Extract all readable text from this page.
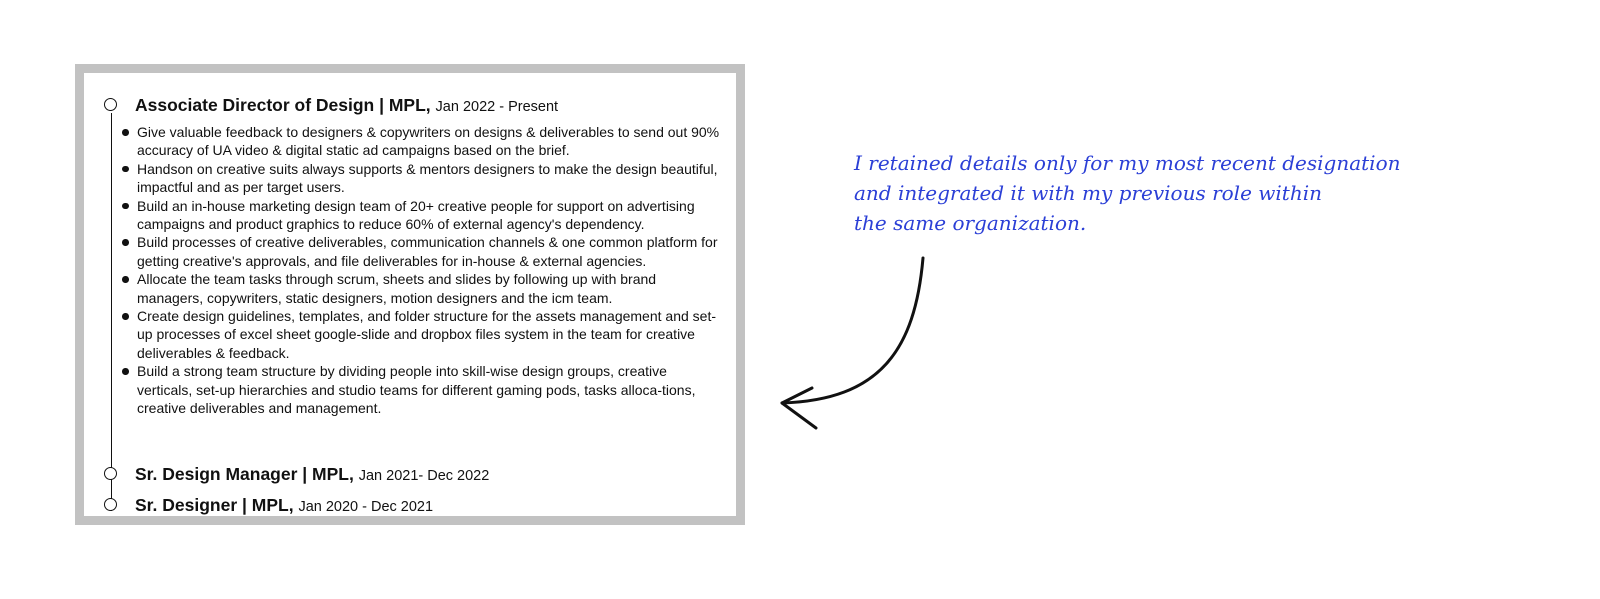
Associate Director of Design | MPL, Jan 2022 - Present
Give valuable feedback to designers & copywriters on designs & deliverables to send out 90% accuracy of UA video & digital static ad campaigns based on the brief.
Handson on creative suits always supports & mentors designers to make the design beautiful, impactful and as per target users.
Build an in-house marketing design team of 20+ creative people for support on advertising campaigns and product graphics to reduce 60% of external agency's dependency.
Build processes of creative deliverables, communication channels & one common platform for getting creative's approvals, and file deliverables for in-house & external agencies.
Allocate the team tasks through scrum, sheets and slides by following up with brand managers, copywriters, static designers, motion designers and the icm team.
Create design guidelines, templates, and folder structure for the assets management and set-up processes of excel sheet google-slide and dropbox files system in the team for creative deliverables & feedback.
Build a strong team structure by dividing people into skill-wise design groups, creative verticals, set-up hierarchies and studio teams for different gaming pods, tasks alloca-tions, creative deliverables and management.
Sr. Design Manager | MPL, Jan 2021- Dec 2022
Sr. Designer | MPL, Jan 2020 - Dec 2021
I retained details only for my most recent designation
and integrated it with my previous role within
the same organization.
